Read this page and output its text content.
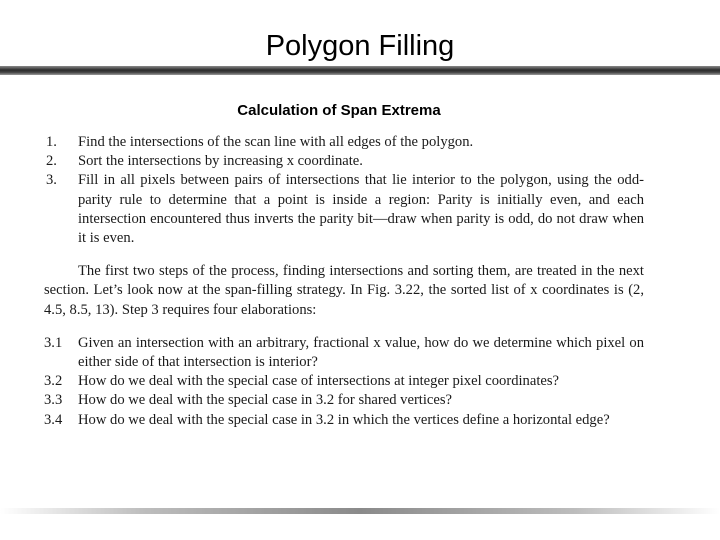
Polygon Filling
Calculation of Span Extrema
1. Find the intersections of the scan line with all edges of the polygon.
2. Sort the intersections by increasing x coordinate.
3. Fill in all pixels between pairs of intersections that lie interior to the polygon, using the odd-parity rule to determine that a point is inside a region: Parity is initially even, and each intersection encountered thus inverts the parity bit—draw when parity is odd, do not draw when it is even.
The first two steps of the process, finding intersections and sorting them, are treated in the next section. Let’s look now at the span-filling strategy. In Fig. 3.22, the sorted list of x coordinates is (2, 4.5, 8.5, 13). Step 3 requires four elaborations:
3.1 Given an intersection with an arbitrary, fractional x value, how do we determine which pixel on either side of that intersection is interior?
3.2 How do we deal with the special case of intersections at integer pixel coordinates?
3.3 How do we deal with the special case in 3.2 for shared vertices?
3.4 How do we deal with the special case in 3.2 in which the vertices define a horizontal edge?
